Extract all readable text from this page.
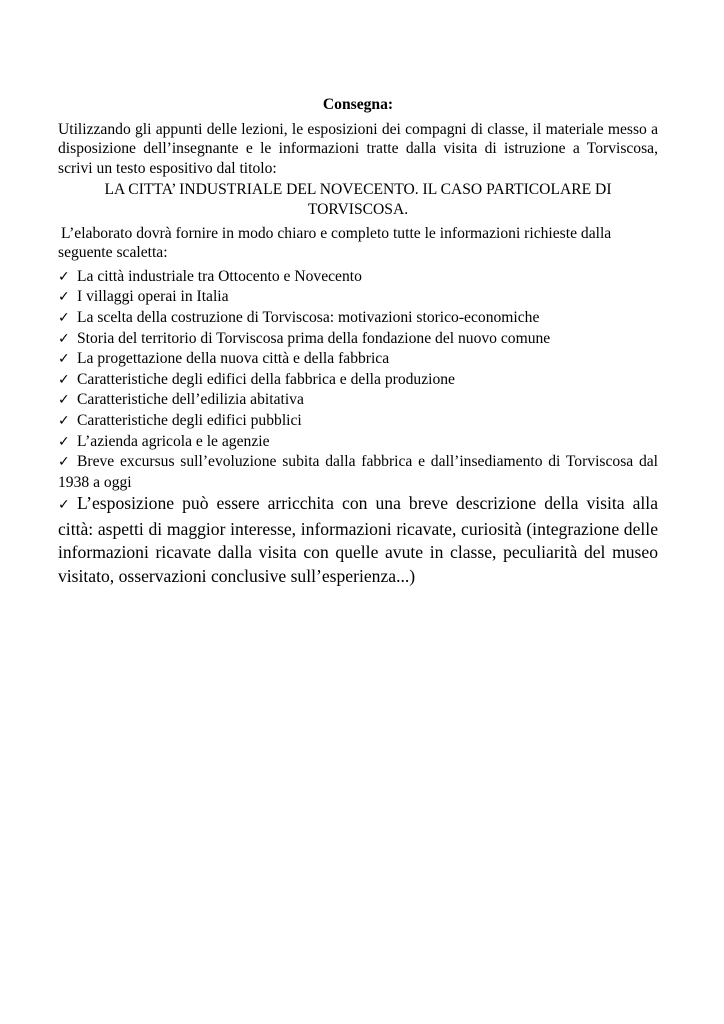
Consegna:

Utilizzando gli appunti delle lezioni, le esposizioni dei compagni di classe, il materiale messo a disposizione dell’insegnante e le informazioni tratte dalla visita di istruzione a Torviscosa, scrivi un testo espositivo dal titolo:

LA CITTA’ INDUSTRIALE DEL NOVECENTO. IL CASO PARTICOLARE DI TORVISCOSA.

L’elaborato dovrà fornire in modo chiaro e completo tutte le informazioni richieste dalla seguente scaletta:

✓ La città industriale tra Ottocento e Novecento
✓ I villaggi operai in Italia
✓ La scelta della costruzione di Torviscosa: motivazioni storico-economiche
✓ Storia del territorio di Torviscosa prima della fondazione del nuovo comune
✓ La progettazione della nuova città e della fabbrica
✓ Caratteristiche degli edifici della fabbrica e della produzione
✓ Caratteristiche dell’edilizia abitativa
✓ Caratteristiche degli edifici pubblici
✓ L’azienda agricola e le agenzie
✓ Breve excursus sull’evoluzione subita dalla fabbrica e dall’insediamento di Torviscosa dal 1938 a oggi
✓ L’esposizione può essere arricchita con una breve descrizione della visita alla città: aspetti di maggior interesse, informazioni ricavate, curiosità (integrazione delle informazioni ricavate dalla visita con quelle avute in classe, peculiarità del museo visitato, osservazioni conclusive sull’esperienza...)
